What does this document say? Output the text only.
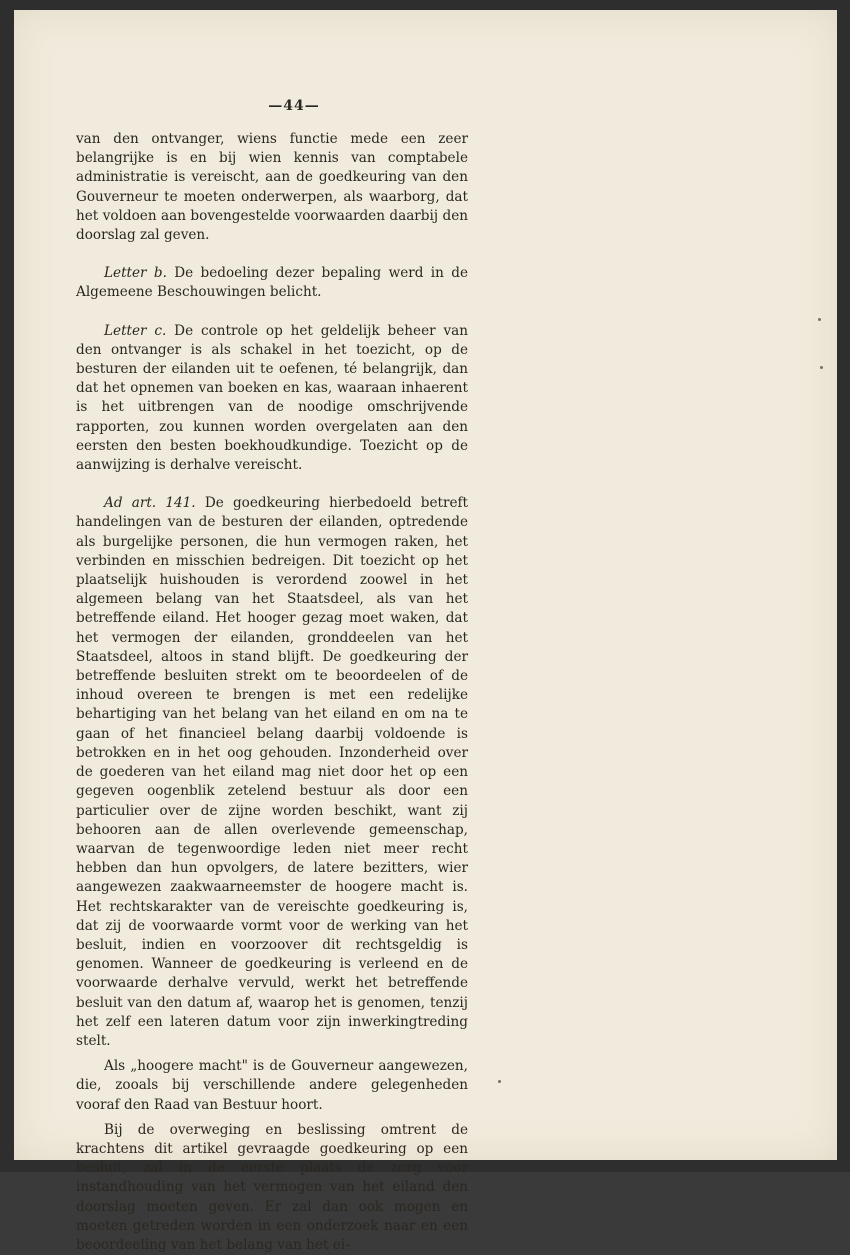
—44—

van den ontvanger, wiens functie mede een zeer belangrijke is en bij wien kennis van comptabele administratie is vereischt, aan de goedkeuring van den Gouverneur te moeten onderwerpen, als waarborg, dat het voldoen aan bovengestelde voorwaarden daarbij den doorslag zal geven.

Letter b. De bedoeling dezer bepaling werd in de Algemeene Beschouwingen belicht.

Letter c. De controle op het geldelijk beheer van den ontvanger is als schakel in het toezicht, op de besturen der eilanden uit te oefenen, té belangrijk, dan dat het opnemen van boeken en kas, waaraan inhaerent is het uitbrengen van de noodige omschrijvende rapporten, zou kunnen worden overgelaten aan den eersten den besten boekhoudkundige. Toezicht op de aanwijzing is derhalve vereischt.

Ad art. 141. De goedkeuring hierbedoeld betreft handelingen van de besturen der eilanden, optredende als burgelijke personen, die hun vermogen raken, het verbinden en misschien bedreigen. Dit toezicht op het plaatselijk huishouden is verordend zoowel in het algemeen belang van het Staatsdeel, als van het betreffende eiland. Het hooger gezag moet waken, dat het vermogen der eilanden, gronddeelen van het Staatsdeel, altoos in stand blijft. De goedkeuring der betreffende besluiten strekt om te beoordeelen of de inhoud overeen te brengen is met een redelijke behartiging van het belang van het eiland en om na te gaan of het financieel belang daarbij voldoende is betrokken en in het oog gehouden. Inzonderheid over de goederen van het eiland mag niet door het op een gegeven oogenblik zetelend bestuur als door een particulier over de zijne worden beschikt, want zij behooren aan de allen overlevende gemeenschap, waarvan de tegenwoordige leden niet meer recht hebben dan hun opvolgers, de latere bezitters, wier aangewezen zaakwaarneemster de hoogere macht is. Het rechtskarakter van de vereischte goedkeuring is, dat zij de voorwaarde vormt voor de werking van het besluit, indien en voorzoover dit rechtsgeldig is genomen. Wanneer de goedkeuring is verleend en de voorwaarde derhalve vervuld, werkt het betreffende besluit van den datum af, waarop het is genomen, tenzij het zelf een lateren datum voor zijn inwerkingtreding stelt.

Als „hoogere macht" is de Gouverneur aangewezen, die, zooals bij verschillende andere gelegenheden vooraf den Raad van Bestuur hoort.

Bij de overweging en beslissing omtrent de krachtens dit artikel gevraagde goedkeuring op een besluit, zal in de eerste plaats de zorg voor instandhouding van het vermogen van het eiland den doorslag moeten geven. Er zal dan ook mogen en moeten getreden worden in een onderzoek naar en een beoordeeling van het belang van het ei-
